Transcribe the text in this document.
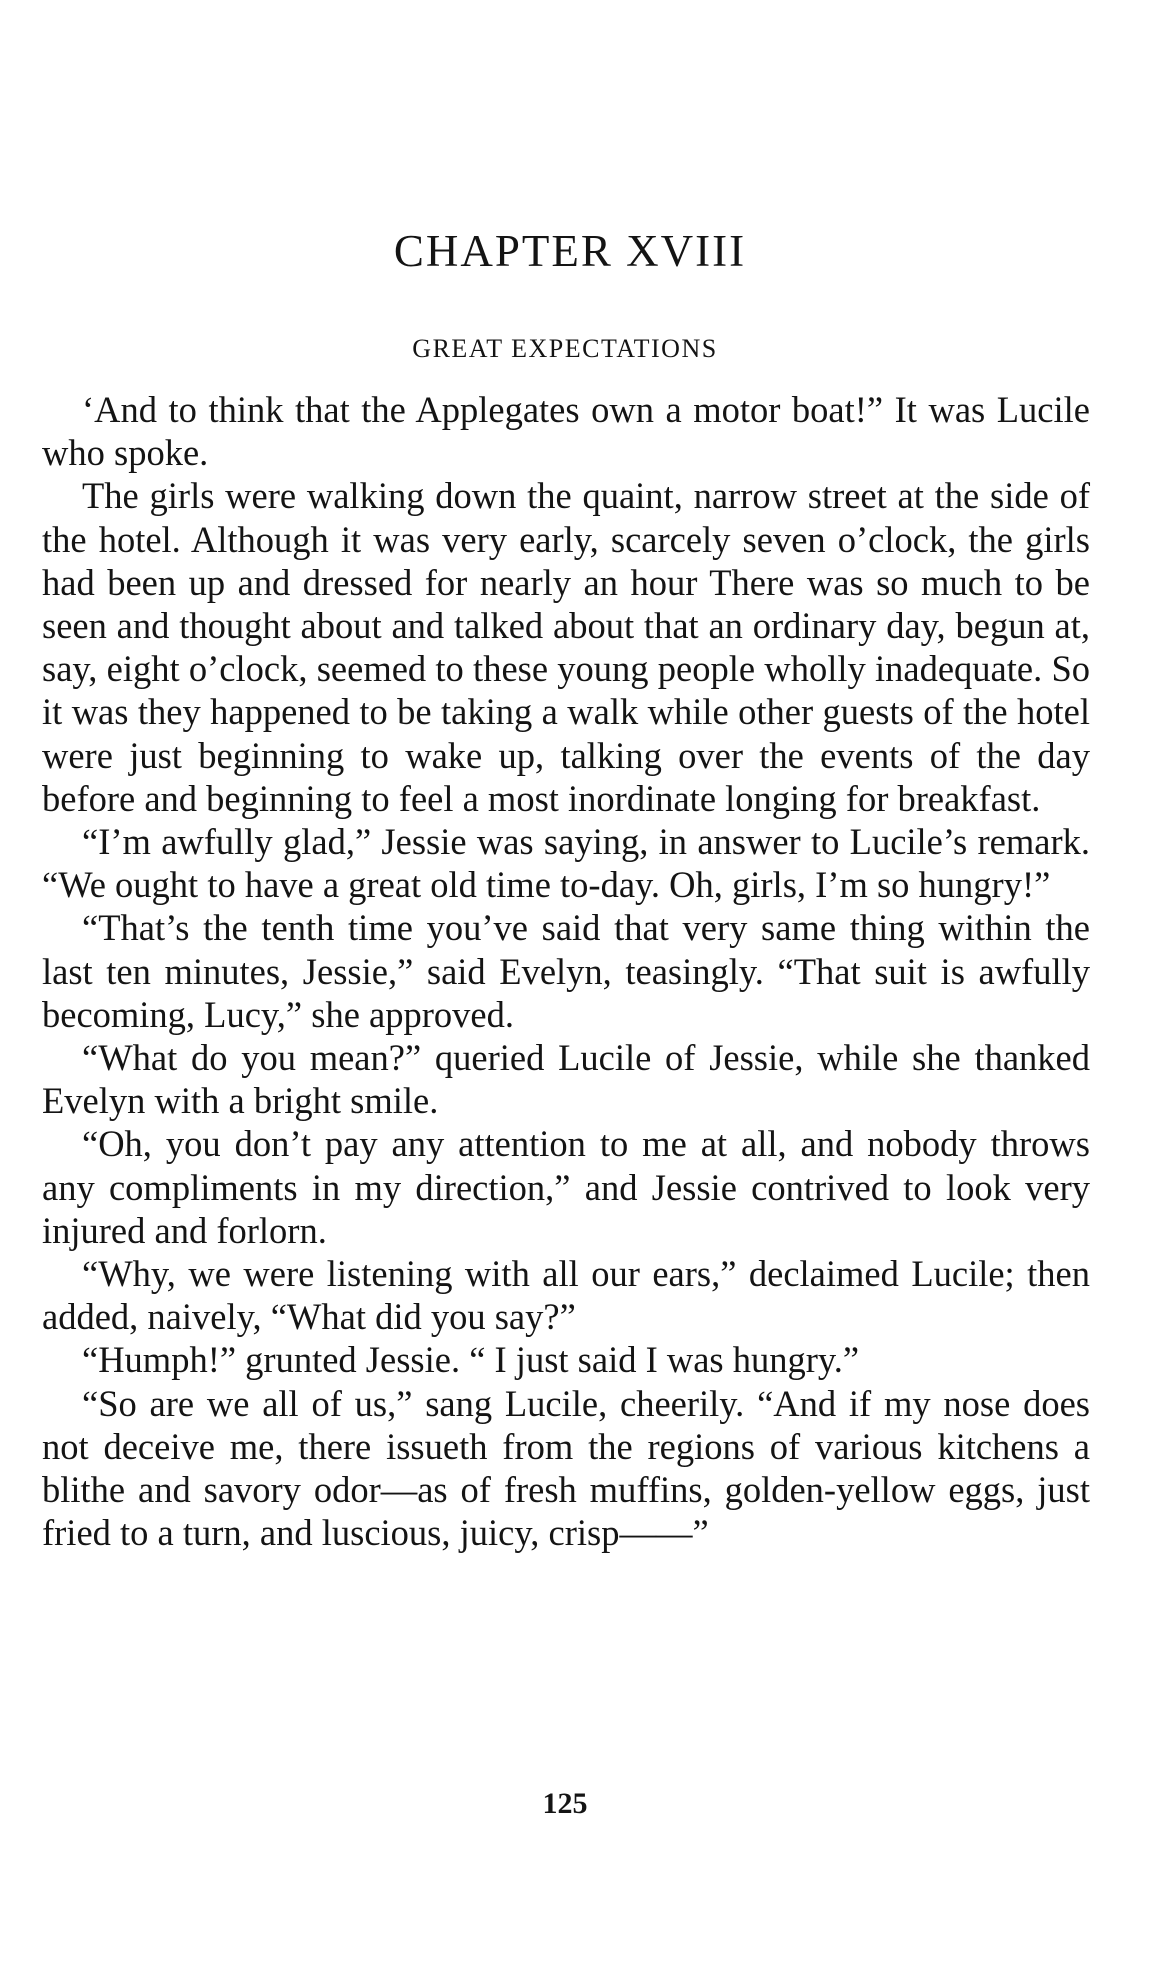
CHAPTER XVIII
GREAT EXPECTATIONS

‘And to think that the Applegates own a motor boat!” It was Lucile who spoke.

The girls were walking down the quaint, narrow street at the side of the hotel. Although it was very early, scarcely seven o’clock, the girls had been up and dressed for nearly an hour There was so much to be seen and thought about and talked about that an ordinary day, begun at, say, eight o’clock, seemed to these young people wholly inadequate. So it was they happened to be taking a walk while other guests of the hotel were just beginning to wake up, talking over the events of the day before and beginning to feel a most inordinate longing for breakfast.

“I’m awfully glad,” Jessie was saying, in answer to Lucile’s remark. “We ought to have a great old time to-day. Oh, girls, I’m so hungry!”

“That’s the tenth time you’ve said that very same thing within the last ten minutes, Jessie,” said Evelyn, teasingly. “That suit is awfully becoming, Lucy,” she approved.

“What do you mean?” queried Lucile of Jessie, while she thanked Evelyn with a bright smile.

“Oh, you don’t pay any attention to me at all, and nobody throws any compliments in my direction,” and Jessie contrived to look very injured and forlorn.

“Why, we were listening with all our ears,” declaimed Lucile; then added, naively, “What did you say?”

“Humph!” grunted Jessie. “ I just said I was hungry.”

“So are we all of us,” sang Lucile, cheerily. “And if my nose does not deceive me, there issueth from the regions of various kitchens a blithe and savory odor—as of fresh muffins, golden-yellow eggs, just fried to a turn, and luscious, juicy, crisp——”

125
